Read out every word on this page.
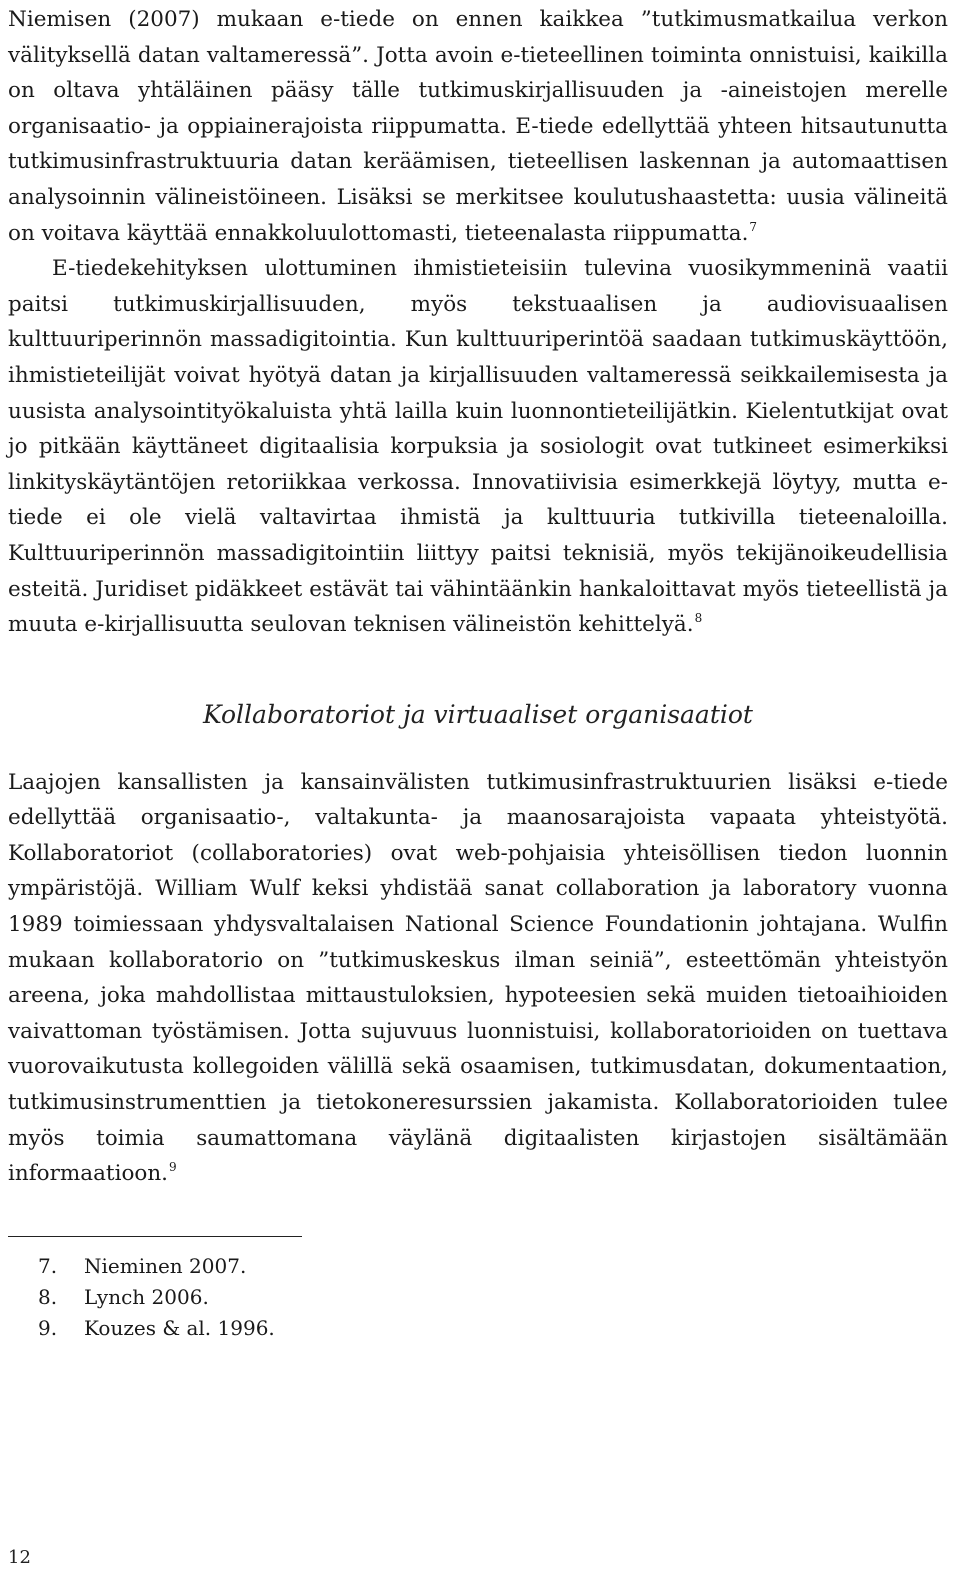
Niemisen (2007) mukaan e-tiede on ennen kaikkea ”tutkimusmatkailua verkon välityksellä datan valtameressä”. Jotta avoin e-tieteellinen toiminta onnistuisi, kaikilla on oltava yhtäläinen pääsy tälle tutkimuskirjallisuuden ja -aineistojen merelle organisaatio- ja oppiainerajoista riippumatta. E-tiede edellyttää yhteen hitsautunutta tutkimusinfrastruktuuria datan keräämisen, tieteellisen laskennan ja automaattisen analysoinnin välineistöineen. Lisäksi se merkitsee koulutushaastetta: uusia välineitä on voitava käyttää ennakkoluulottomasti, tieteenalasta riippumatta.$^7$

E-tiedekehityksen ulottuminen ihmistieteisiin tulevina vuosikymmeninä vaatii paitsi tutkimuskirjallisuuden, myös tekstuaalisen ja audiovisuaalisen kulttuuriperinnön massadigitointia. Kun kulttuuriperintöä saadaan tutkimuskäyttöön, ihmistieteilijät voivat hyötyä datan ja kirjallisuuden valtameressä seikkailemisesta ja uusista analysointityökaluista yhtä lailla kuin luonnontieteilijätkin. Kielentutkijat ovat jo pitkään käyttäneet digitaalisia korpuksia ja sosiologit ovat tutkineet esimerkiksi linkityskäytäntöjen retoriikkaa verkossa. Innovatiivisia esimerkkejä löytyy, mutta e-tiede ei ole vielä valtavirtaa ihmistä ja kulttuuria tutkivilla tieteenaloilla. Kulttuuriperinnön massadigitointiin liittyy paitsi teknisiä, myös tekijänoikeudellisia esteitä. Juridiset pidäkkeet estävät tai vähintäänkin hankaloittavat myös tieteellistä ja muuta e-kirjallisuutta seulovan teknisen välineistön kehittelyä.$^8$

Kollaboratoriot ja virtuaaliset organisaatiot

Laajojen kansallisten ja kansainvälisten tutkimusinfrastruktuurien lisäksi e-tiede edellyttää organisaatio-, valtakunta- ja maanosarajoista vapaata yhteistyötä. Kollaboratoriot (collaboratories) ovat web-pohjaisia yhteisöllisen tiedon luonnin ympäristöjä. William Wulf keksi yhdistää sanat collaboration ja laboratory vuonna 1989 toimiessaan yhdysvaltalaisen National Science Foundationin johtajana. Wulfin mukaan kollaboratorio on ”tutkimuskeskus ilman seiniä”, esteettömän yhteistyön areena, joka mahdollistaa mittaustuloksien, hypoteesien sekä muiden tietoaihioiden vaivattoman työstämisen. Jotta sujuvuus luonnistuisi, kollaboratorioiden on tuettava vuorovaikutusta kollegoiden välillä sekä osaamisen, tutkimusdatan, dokumentaation, tutkimusinstrumenttien ja tietokoneresurssien jakamista. Kollaboratorioiden tulee myös toimia saumattomana väylänä digitaalisten kirjastojen sisältämään informaatioon.$^9$

7.	Nieminen 2007.
8.	Lynch 2006.
9.	Kouzes & al. 1996.
12
